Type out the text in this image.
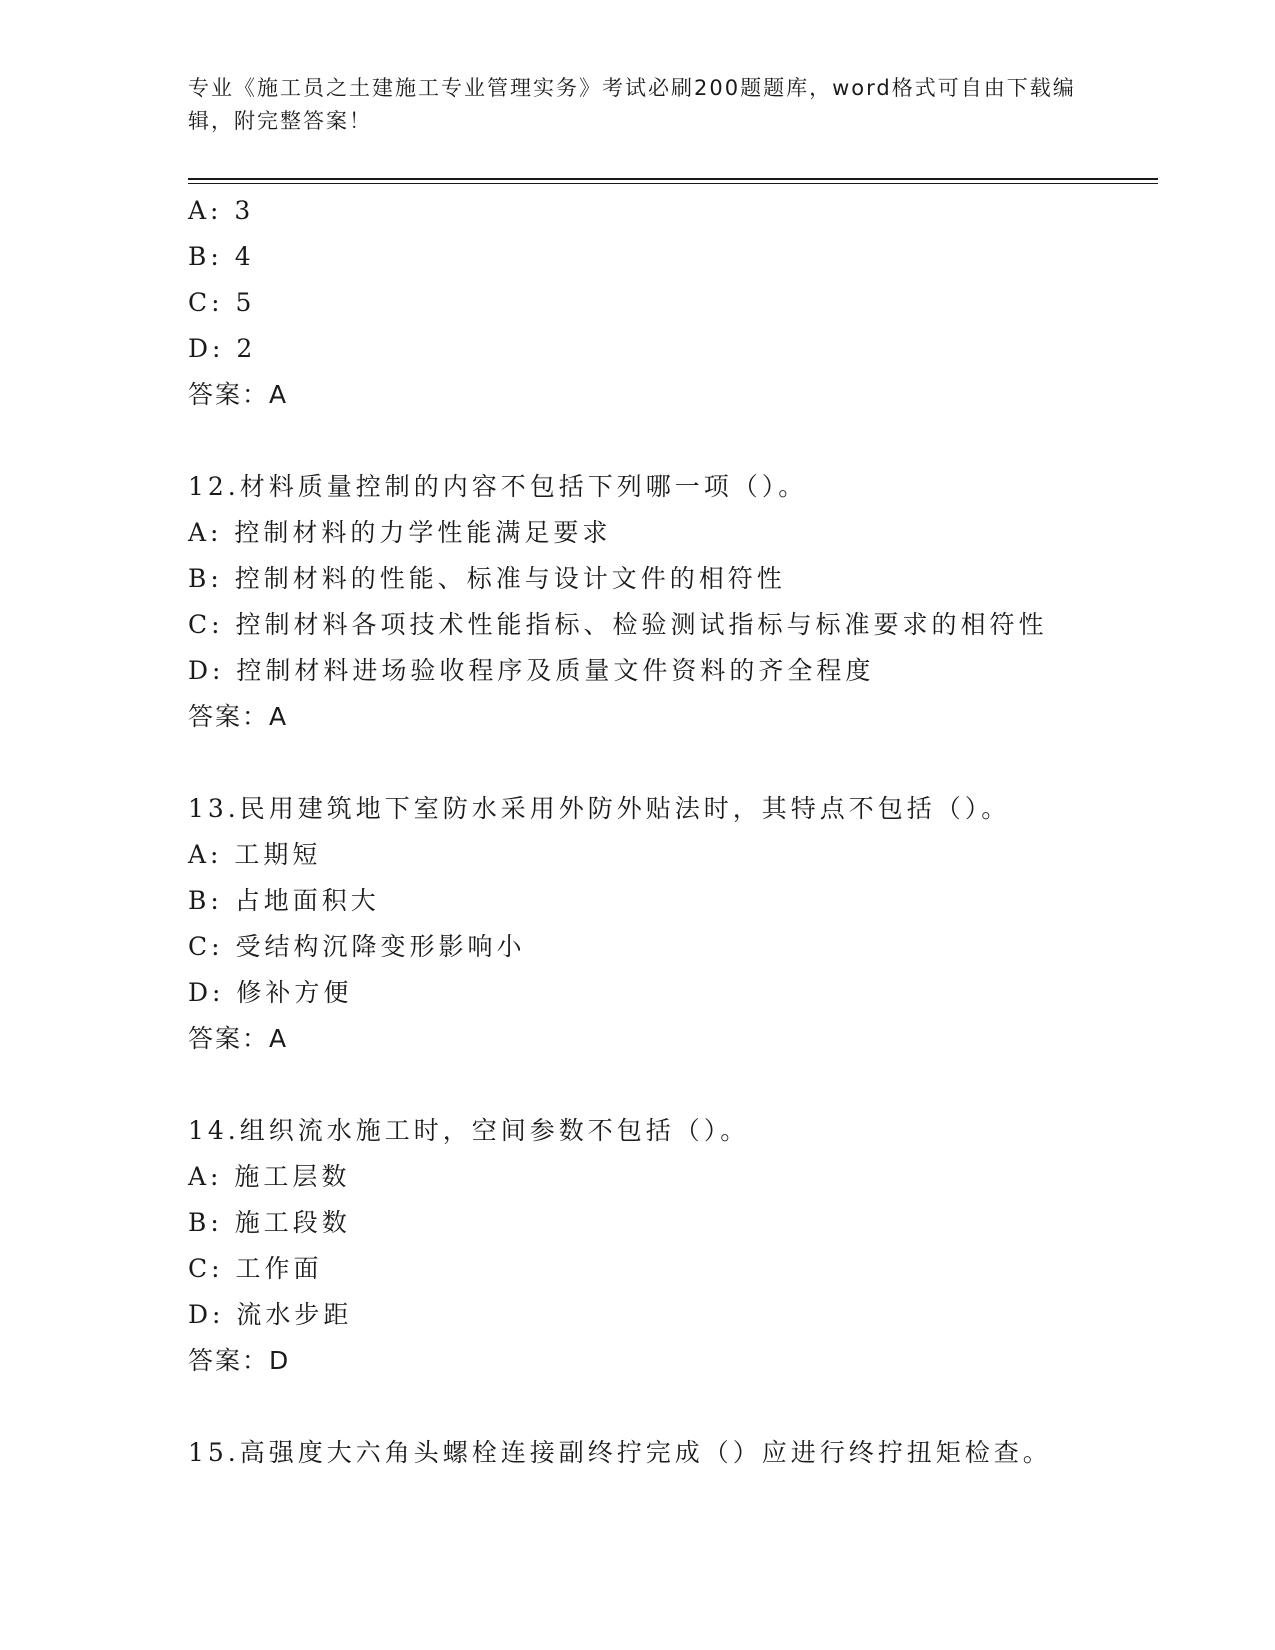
专业《施工员之土建施工专业管理实务》考试必刷200题题库，word格式可自由下载编辑，附完整答案！
A: 3
B: 4
C: 5
D: 2
答案：A
12.材料质量控制的内容不包括下列哪一项（）。
A: 控制材料的力学性能满足要求
B: 控制材料的性能、标准与设计文件的相符性
C: 控制材料各项技术性能指标、检验测试指标与标准要求的相符性
D: 控制材料进场验收程序及质量文件资料的齐全程度
答案：A
13.民用建筑地下室防水采用外防外贴法时，其特点不包括（）。
A: 工期短
B: 占地面积大
C: 受结构沉降变形影响小
D: 修补方便
答案：A
14.组织流水施工时，空间参数不包括（）。
A: 施工层数
B: 施工段数
C: 工作面
D: 流水步距
答案：D
15.高强度大六角头螺栓连接副终拧完成（）应进行终拧扭矩检查。
